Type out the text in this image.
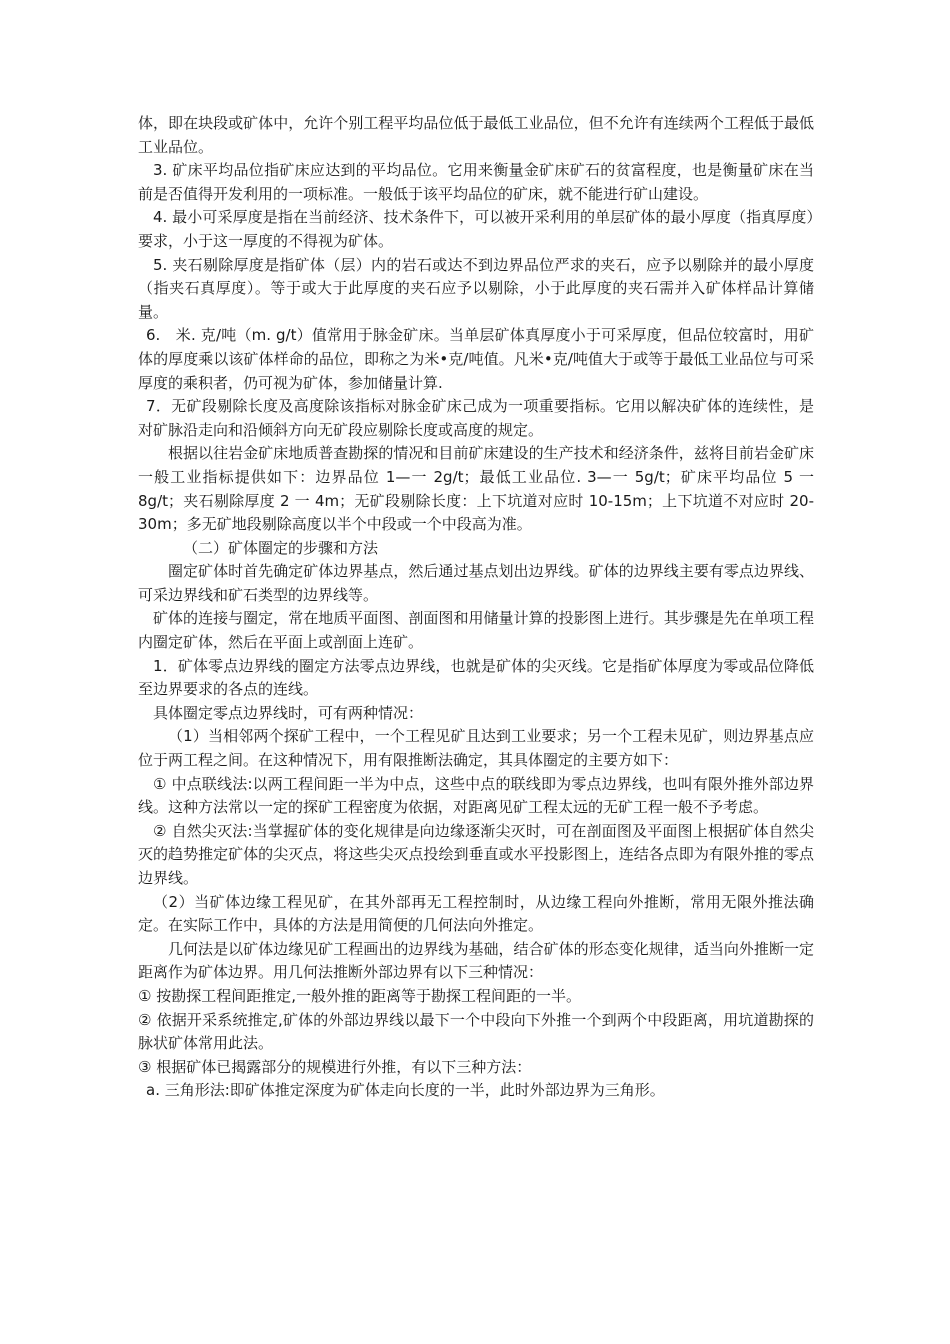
体，即在块段或矿体中，允许个别工程平均品位低于最低工业品位，但不允许有连续两个工程低于最低工业品位。

3. 矿床平均品位指矿床应达到的平均品位。它用来衡量金矿床矿石的贫富程度，也是衡量矿床在当前是否值得开发利用的一项标准。一般低于该平均品位的矿床，就不能进行矿山建设。

4. 最小可采厚度是指在当前经济、技术条件下，可以被开采利用的单层矿体的最小厚度（指真厚度）要求，小于这一厚度的不得视为矿体。

5. 夹石剔除厚度是指矿体（层）内的岩石或达不到边界品位严求的夹石，应予以剔除并的最小厚度（指夹石真厚度）。等于或大于此厚度的夹石应予以剔除，小于此厚度的夹石需并入矿体样品计算储量。

6.　米. 克/吨（m. g/t）值常用于脉金矿床。当单层矿体真厚度小于可采厚度，但品位较富时，用矿体的厚度乘以该矿体样命的品位，即称之为米•克/吨值。凡米•克/吨值大于或等于最低工业品位与可采厚度的乘积者，仍可视为矿体，参加储量计算.

7．无矿段剔除长度及高度除该指标对脉金矿床己成为一项重要指标。它用以解决矿体的连续性，是对矿脉沿走向和沿倾斜方向无矿段应剔除长度或高度的规定。

根据以往岩金矿床地质普查勘探的情况和目前矿床建设的生产技术和经济条件，兹将目前岩金矿床一般工业指标提供如下：边界品位 1—一 2g/t；最低工业品位. 3—一 5g/t；矿床平均品位 5 一 8g/t；夹石剔除厚度 2 一 4m；无矿段剔除长度：上下坑道对应时 10-15m；上下坑道不对应时 20-30m；多无矿地段剔除高度以半个中段或一个中段高为准。

（二）矿体圈定的步骤和方法

圈定矿体时首先确定矿体边界基点，然后通过基点划出边界线。矿体的边界线主要有零点边界线、可采边界线和矿石类型的边界线等。

矿体的连接与圈定，常在地质平面图、剖面图和用储量计算的投影图上进行。其步骤是先在单项工程内圈定矿体，然后在平面上或剖面上连矿。

1．矿体零点边界线的圈定方法零点边界线，也就是矿体的尖灭线。它是指矿体厚度为零或品位降低至边界要求的各点的连线。

具体圈定零点边界线时，可有两种情况：

（1）当相邻两个探矿工程中，一个工程见矿且达到工业要求；另一个工程未见矿，则边界基点应位于两工程之间。在这种情况下，用有限推断法确定，其具体圈定的主要方如下：

① 中点联线法:以两工程间距一半为中点，这些中点的联线即为零点边界线，也叫有限外推外部边界线。这种方法常以一定的探矿工程密度为依据，对距离见矿工程太远的无矿工程一般不予考虑。

② 自然尖灭法:当掌握矿体的变化规律是向边缘逐渐尖灭时，可在剖面图及平面图上根据矿体自然尖灭的趋势推定矿体的尖灭点，将这些尖灭点投绘到垂直或水平投影图上，连结各点即为有限外推的零点边界线。

（2）当矿体边缘工程见矿，在其外部再无工程控制时，从边缘工程向外推断，常用无限外推法确定。在实际工作中，具体的方法是用简便的几何法向外推定。

几何法是以矿体边缘见矿工程画出的边界线为基础，结合矿体的形态变化规律，适当向外推断一定距离作为矿体边界。用几何法推断外部边界有以下三种情况：

① 按勘探工程间距推定,一般外推的距离等于勘探工程间距的一半。

② 依据开采系统推定,矿体的外部边界线以最下一个中段向下外推一个到两个中段距离，用坑道勘探的脉状矿体常用此法。

③ 根据矿体已揭露部分的规模进行外推，有以下三种方法：

a. 三角形法:即矿体推定深度为矿体走向长度的一半，此时外部边界为三角形。
